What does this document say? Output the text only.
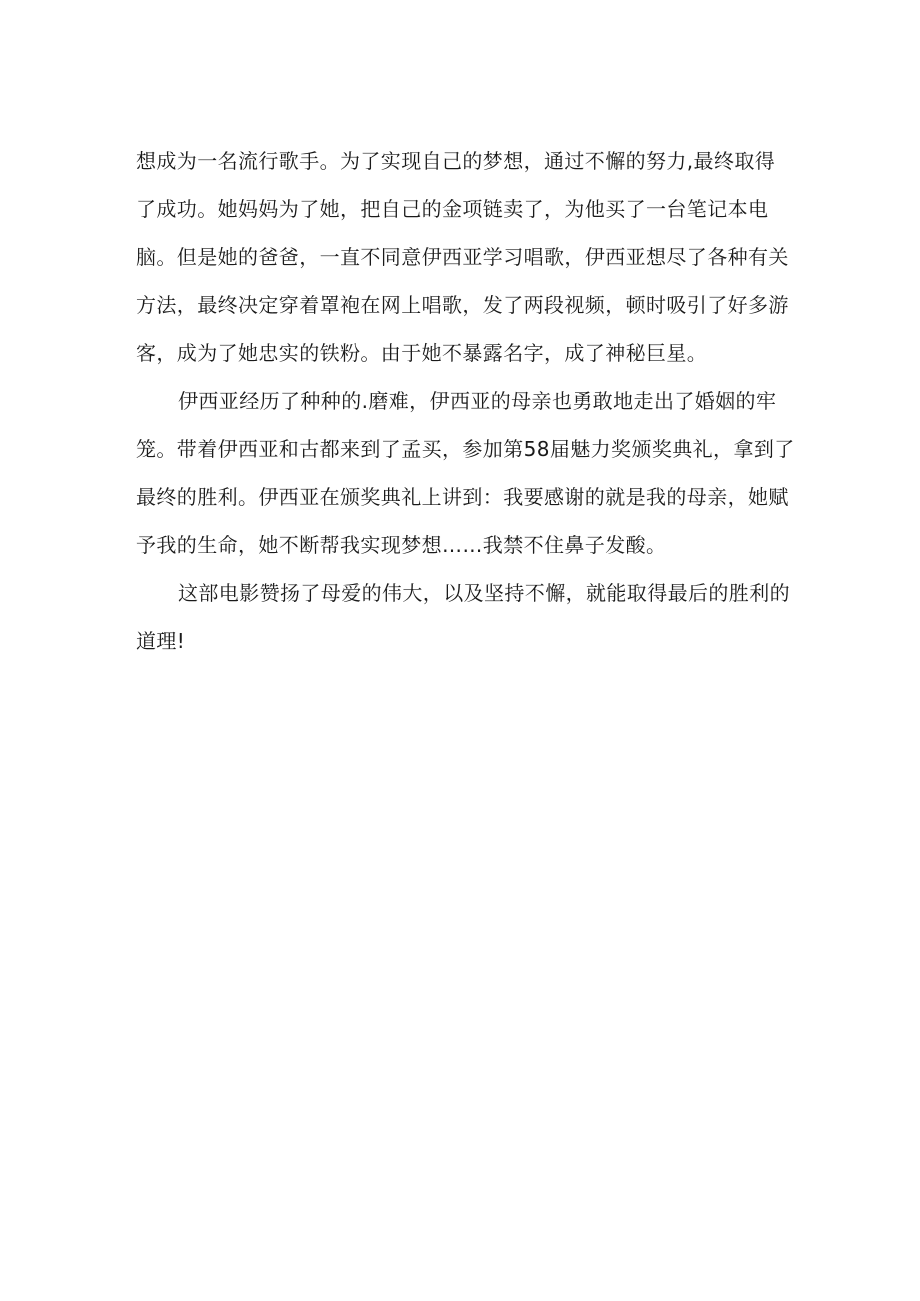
想成为一名流行歌手。为了实现自己的梦想，通过不懈的努力,最终取得
了成功。她妈妈为了她，把自己的金项链卖了，为他买了一台笔记本电
脑。但是她的爸爸，一直不同意伊西亚学习唱歌，伊西亚想尽了各种有关
方法，最终决定穿着罩袍在网上唱歌，发了两段视频，顿时吸引了好多游
客，成为了她忠实的铁粉。由于她不暴露名字，成了神秘巨星。
伊西亚经历了种种的.磨难，伊西亚的母亲也勇敢地走出了婚姻的牢
笼。带着伊西亚和古都来到了孟买，参加第58届魅力奖颁奖典礼，拿到了
最终的胜利。伊西亚在颁奖典礼上讲到：我要感谢的就是我的母亲，她赋
予我的生命，她不断帮我实现梦想……我禁不住鼻子发酸。
这部电影赞扬了母爱的伟大，以及坚持不懈，就能取得最后的胜利的
道理!
